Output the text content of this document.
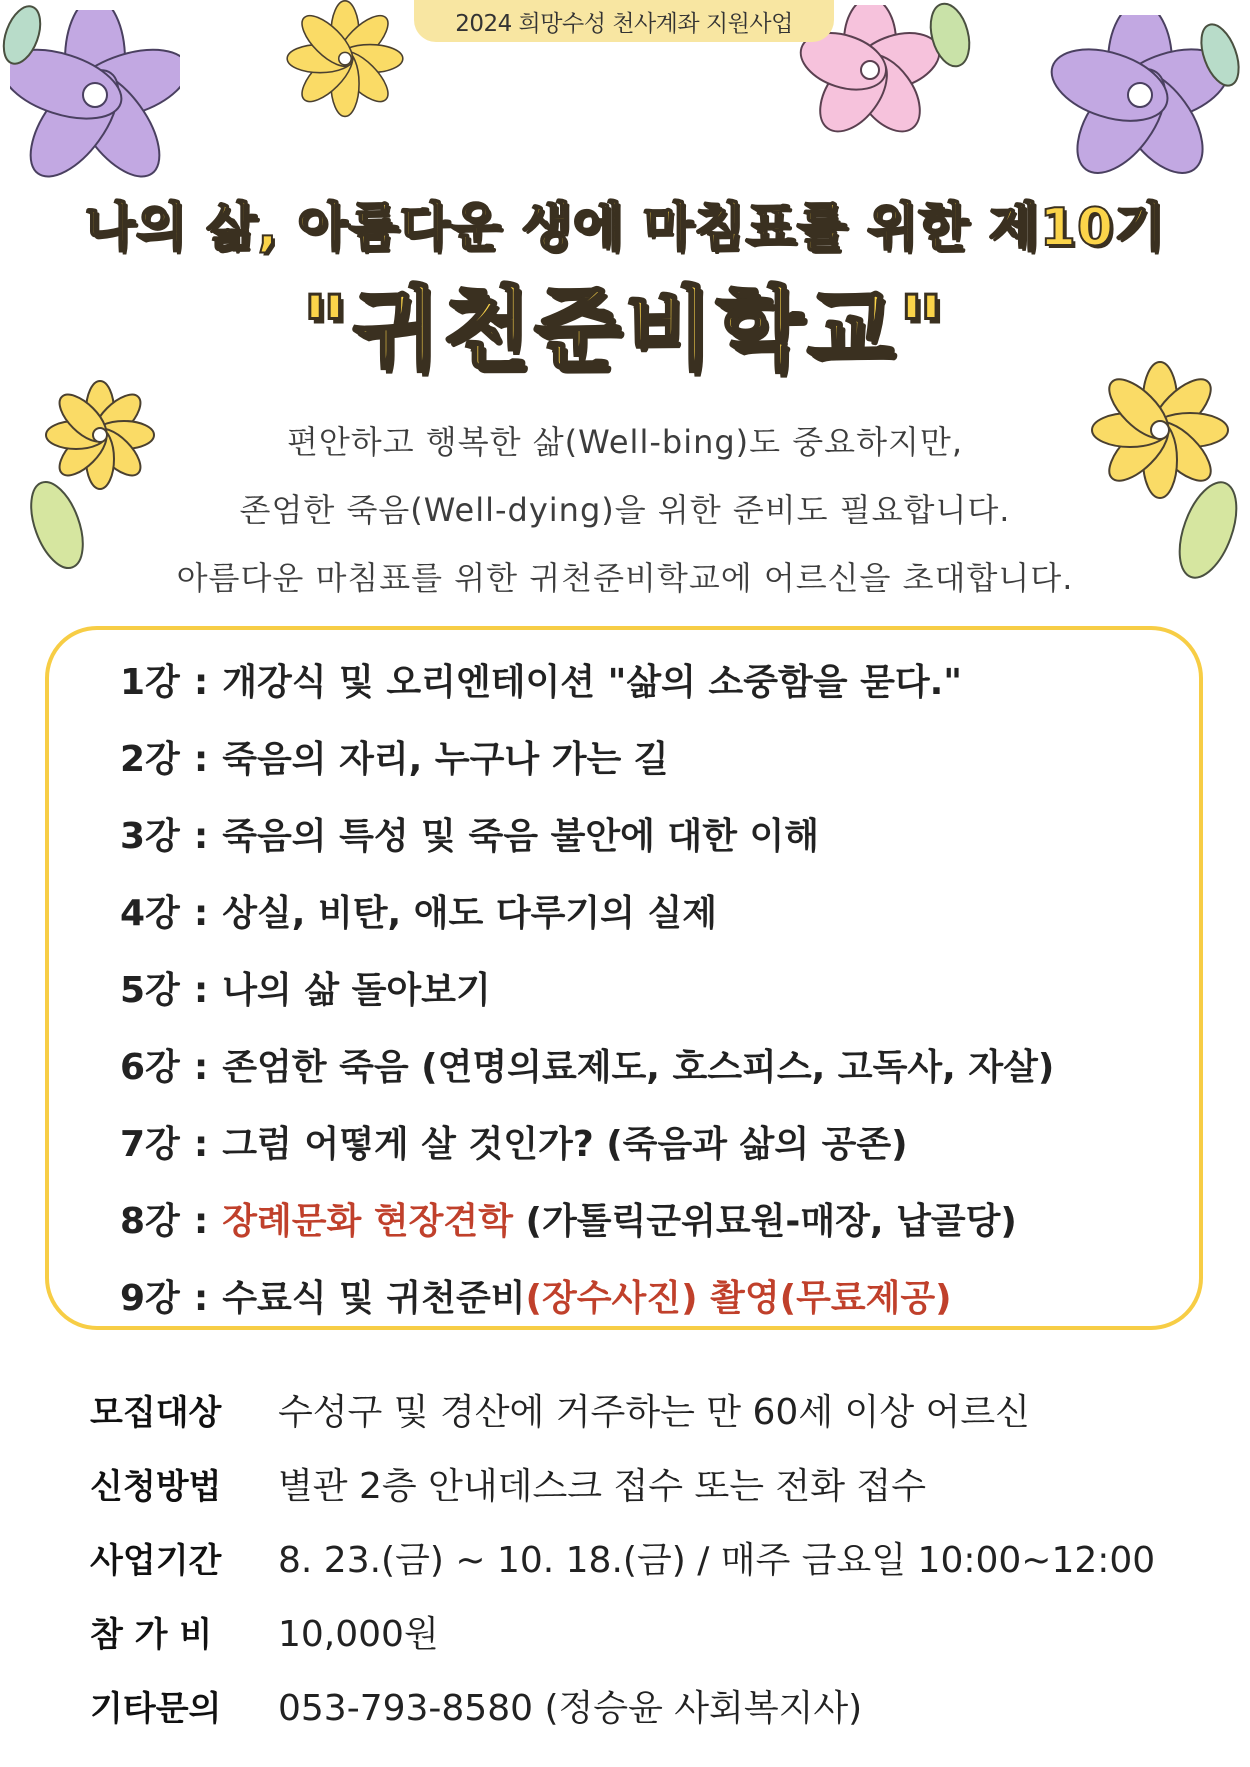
2024 희망수성 천사계좌 지원사업
나의 삶, 아름다운 생에 마침표를 위한 제10기
"귀천준비학교"
편안하고 행복한 삶(Well-bing)도 중요하지만,
존엄한 죽음(Well-dying)을 위한 준비도 필요합니다.
아름다운 마침표를 위한 귀천준비학교에 어르신을 초대합니다.
1강 : 개강식 및 오리엔테이션 "삶의 소중함을 묻다."
2강 : 죽음의 자리, 누구나 가는 길
3강 : 죽음의 특성 및 죽음 불안에 대한 이해
4강 : 상실, 비탄, 애도 다루기의 실제
5강 : 나의 삶 돌아보기
6강 : 존엄한 죽음 (연명의료제도, 호스피스, 고독사, 자살)
7강 : 그럼 어떻게 살 것인가? (죽음과 삶의 공존)
8강 : 장례문화 현장견학 (가톨릭군위묘원-매장, 납골당)
9강 : 수료식 및 귀천준비(장수사진) 촬영(무료제공)
모집대상	수성구 및 경산에 거주하는 만 60세 이상 어르신
신청방법	별관 2층 안내데스크 접수 또는 전화 접수
사업기간	8. 23.(금) ~ 10. 18.(금) / 매주 금요일 10:00~12:00
참 가 비	10,000원
기타문의	053-793-8580 (정승윤 사회복지사)
